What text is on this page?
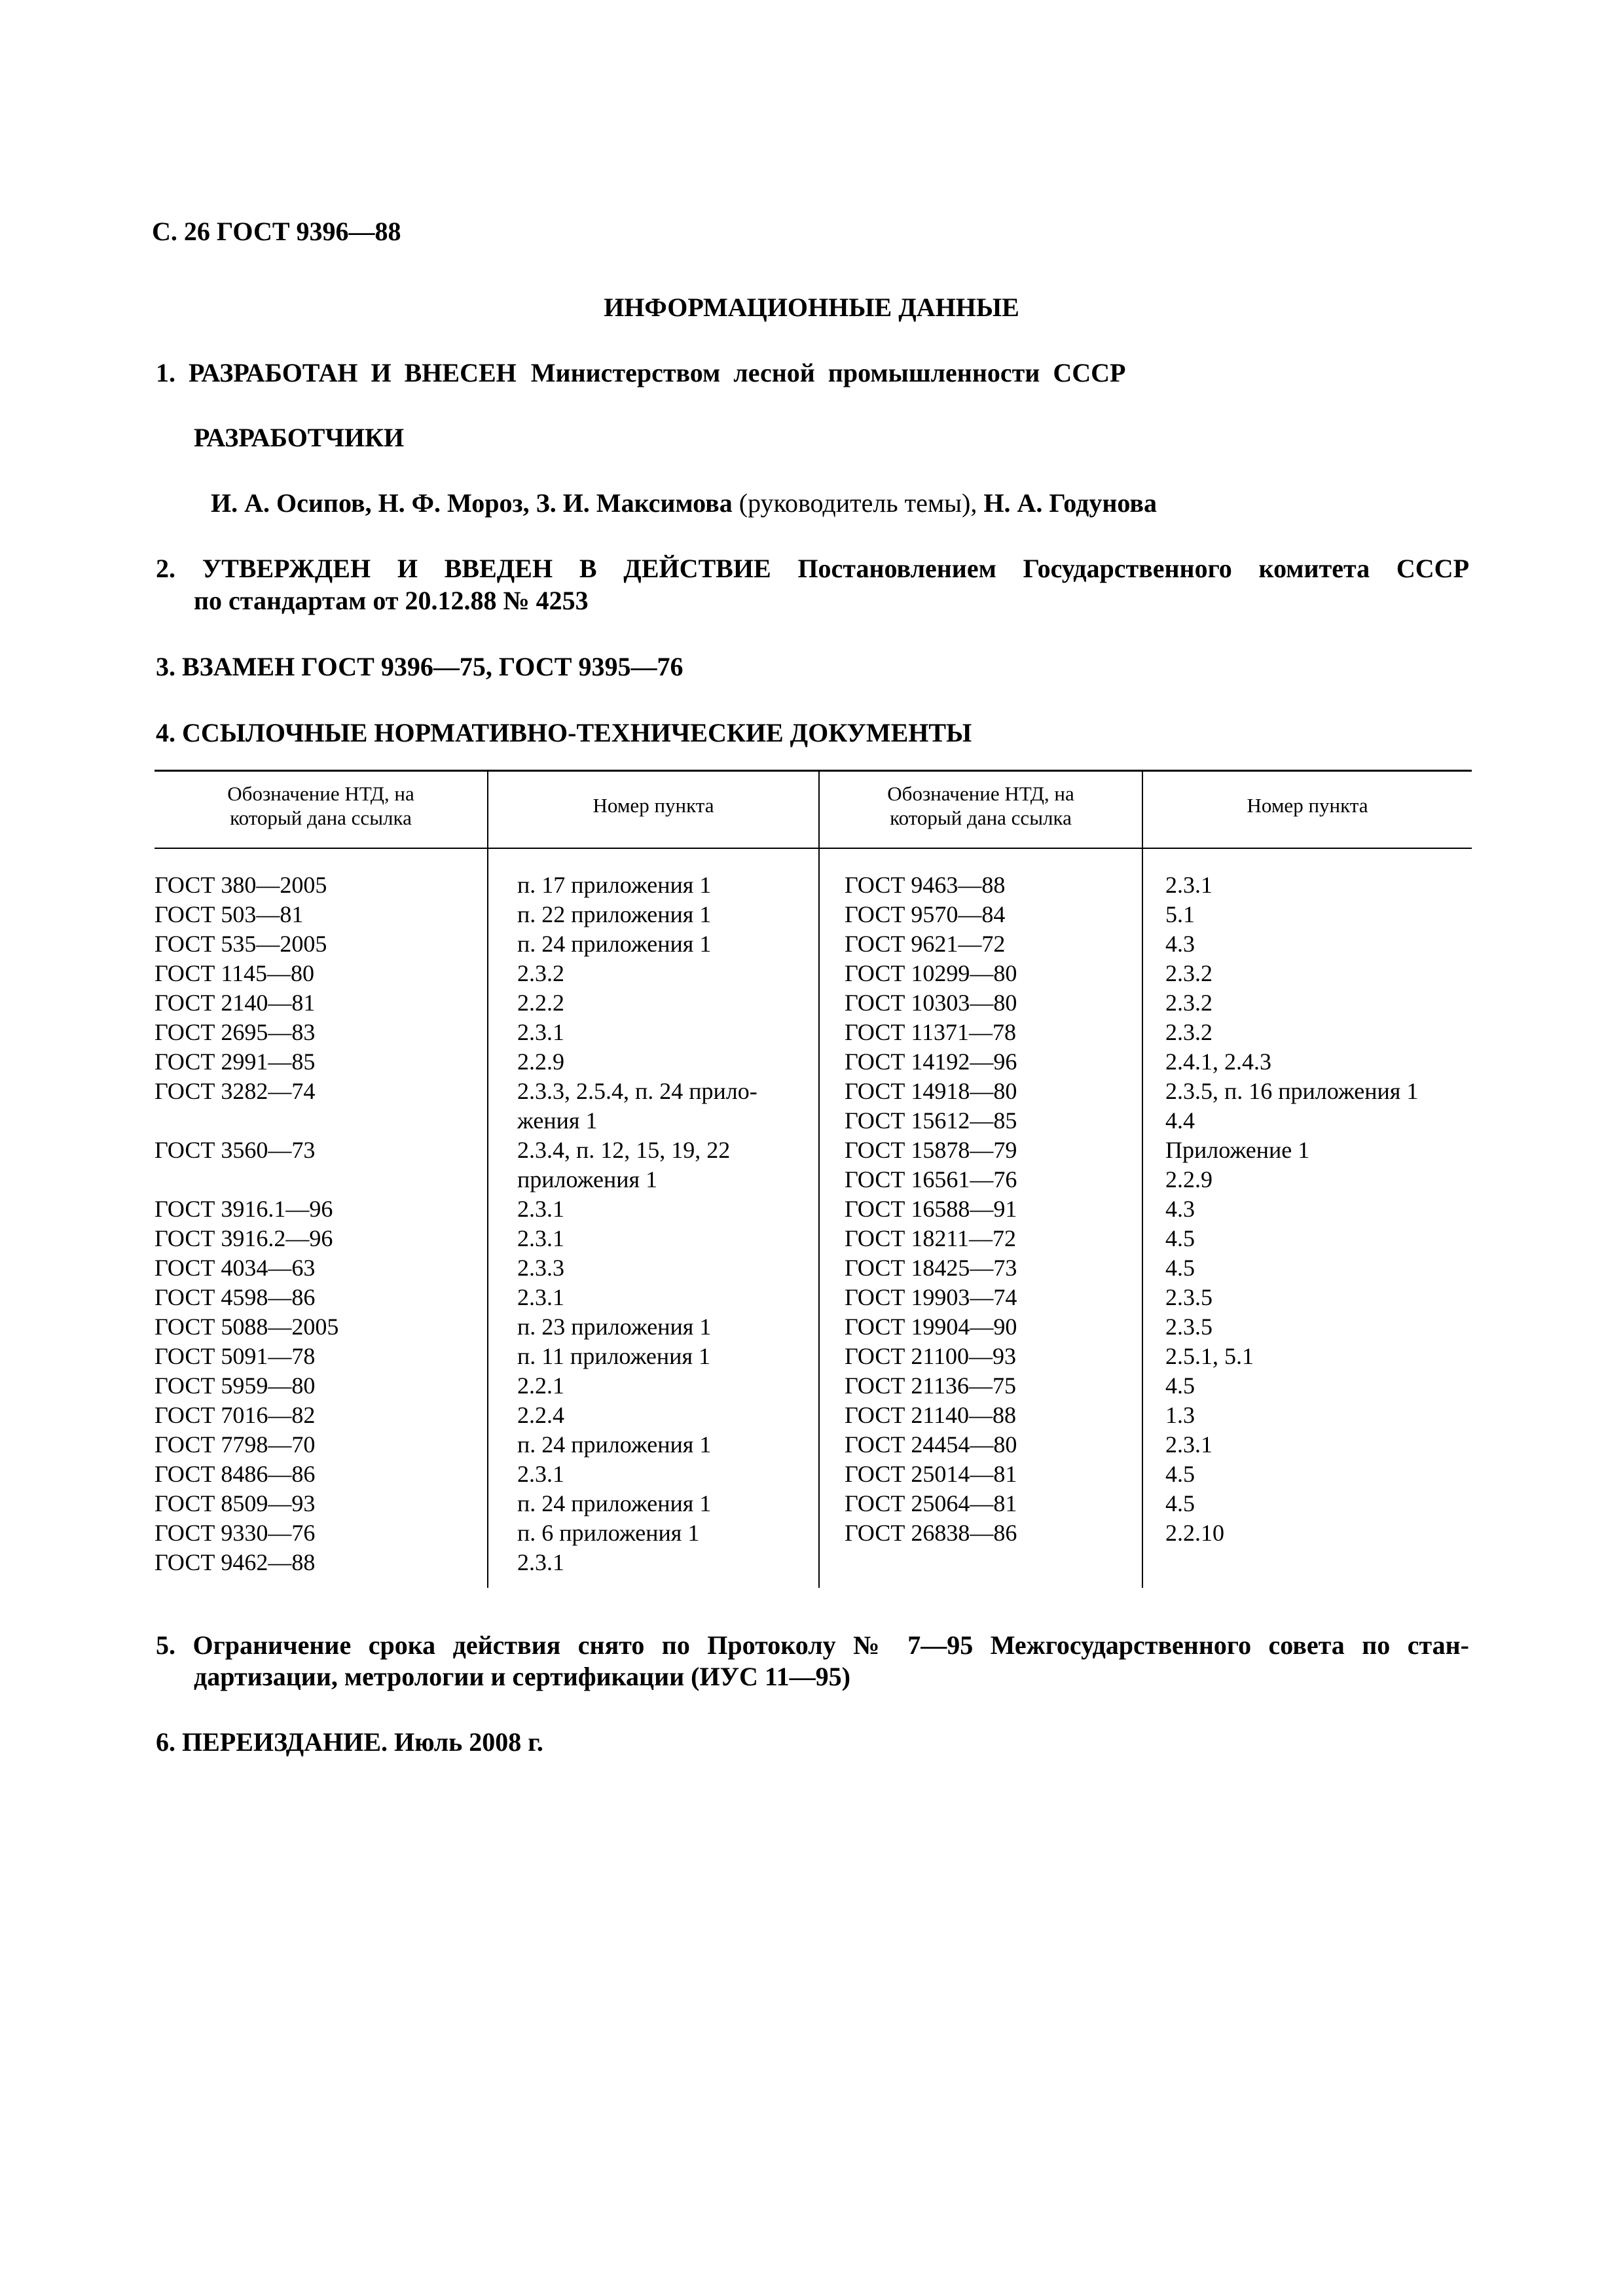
С. 26 ГОСТ 9396—88
ИНФОРМАЦИОННЫЕ ДАННЫЕ
1. РАЗРАБОТАН И ВНЕСЕН Министерством лесной промышленности СССР
РАЗРАБОТЧИКИ
И. А. Осипов, Н. Ф. Мороз, З. И. Максимова (руководитель темы), Н. А. Годунова
2. УТВЕРЖДЕН И ВВЕДЕН В ДЕЙСТВИЕ Постановлением Государственного комитета СССР
по стандартам от 20.12.88 № 4253
3. ВЗАМЕН ГОСТ 9396—75, ГОСТ 9395—76
4. ССЫЛОЧНЫЕ НОРМАТИВНО-ТЕХНИЧЕСКИЕ ДОКУМЕНТЫ
Обозначение НТД, на
который дана ссылка
Номер пункта
Обозначение НТД, на
который дана ссылка
Номер пункта
ГОСТ 380—2005
ГОСТ 503—81
ГОСТ 535—2005
ГОСТ 1145—80
ГОСТ 2140—81
ГОСТ 2695—83
ГОСТ 2991—85
ГОСТ 3282—74

ГОСТ 3560—73

ГОСТ 3916.1—96
ГОСТ 3916.2—96
ГОСТ 4034—63
ГОСТ 4598—86
ГОСТ 5088—2005
ГОСТ 5091—78
ГОСТ 5959—80
ГОСТ 7016—82
ГОСТ 7798—70
ГОСТ 8486—86
ГОСТ 8509—93
ГОСТ 9330—76
ГОСТ 9462—88
п. 17 приложения 1
п. 22 приложения 1
п. 24 приложения 1
2.3.2
2.2.2
2.3.1
2.2.9
2.3.3, 2.5.4, п. 24 прило-
жения 1
2.3.4, п. 12, 15, 19, 22
приложения 1
2.3.1
2.3.1
2.3.3
2.3.1
п. 23 приложения 1
п. 11 приложения 1
2.2.1
2.2.4
п. 24 приложения 1
2.3.1
п. 24 приложения 1
п. 6 приложения 1
2.3.1
ГОСТ 9463—88
ГОСТ 9570—84
ГОСТ 9621—72
ГОСТ 10299—80
ГОСТ 10303—80
ГОСТ 11371—78
ГОСТ 14192—96
ГОСТ 14918—80
ГОСТ 15612—85
ГОСТ 15878—79
ГОСТ 16561—76
ГОСТ 16588—91
ГОСТ 18211—72
ГОСТ 18425—73
ГОСТ 19903—74
ГОСТ 19904—90
ГОСТ 21100—93
ГОСТ 21136—75
ГОСТ 21140—88
ГОСТ 24454—80
ГОСТ 25014—81
ГОСТ 25064—81
ГОСТ 26838—86
2.3.1
5.1
4.3
2.3.2
2.3.2
2.3.2
2.4.1, 2.4.3
2.3.5, п. 16 приложения 1
4.4
Приложение 1
2.2.9
4.3
4.5
4.5
2.3.5
2.3.5
2.5.1, 5.1
4.5
1.3
2.3.1
4.5
4.5
2.2.10
5. Ограничение срока действия снято по Протоколу № 7—95 Межгосударственного совета по стан-
дартизации, метрологии и сертификации (ИУС 11—95)
6. ПЕРЕИЗДАНИЕ. Июль 2008 г.
